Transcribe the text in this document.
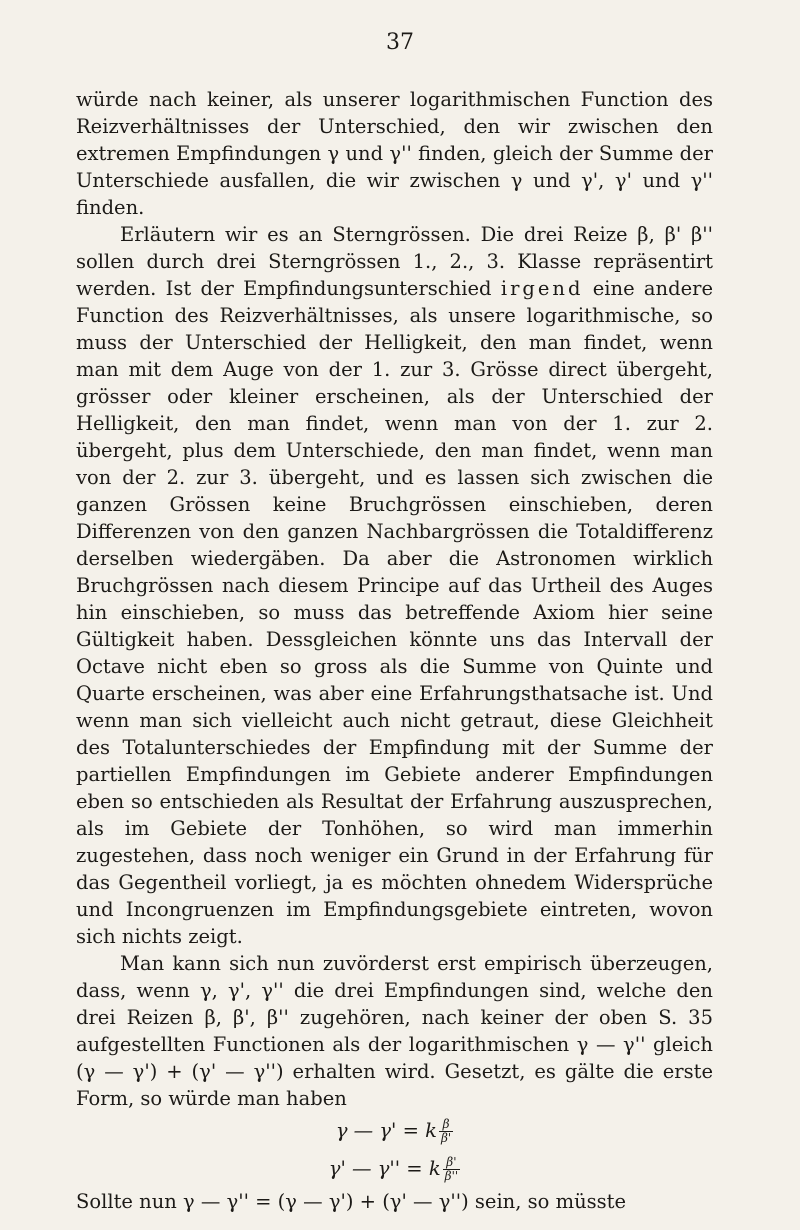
37

würde nach keiner, als unserer logarithmischen Function des Reizverhältnisses der Unterschied, den wir zwischen den extremen Empfindungen γ und γ'' finden, gleich der Summe der Unterschiede ausfallen, die wir zwischen γ und γ', γ' und γ'' finden.

Erläutern wir es an Sterngrössen. Die drei Reize β, β' β'' sollen durch drei Sterngrössen 1., 2., 3. Klasse repräsentirt werden. Ist der Empfindungsunterschied irgend eine andere Function des Reizverhältnisses, als unsere logarithmische, so muss der Unterschied der Helligkeit, den man findet, wenn man mit dem Auge von der 1. zur 3. Grösse direct übergeht, grösser oder kleiner erscheinen, als der Unterschied der Helligkeit, den man findet, wenn man von der 1. zur 2. übergeht, plus dem Unterschiede, den man findet, wenn man von der 2. zur 3. übergeht, und es lassen sich zwischen die ganzen Grössen keine Bruchgrössen einschieben, deren Differenzen von den ganzen Nachbargrössen die Totaldifferenz derselben wiedergäben. Da aber die Astronomen wirklich Bruchgrössen nach diesem Principe auf das Urtheil des Auges hin einschieben, so muss das betreffende Axiom hier seine Gültigkeit haben. Dessgleichen könnte uns das Intervall der Octave nicht eben so gross als die Summe von Quinte und Quarte erscheinen, was aber eine Erfahrungsthatsache ist. Und wenn man sich vielleicht auch nicht getraut, diese Gleichheit des Totalunterschiedes der Empfindung mit der Summe der partiellen Empfindungen im Gebiete anderer Empfindungen eben so entschieden als Resultat der Erfahrung auszusprechen, als im Gebiete der Tonhöhen, so wird man immerhin zugestehen, dass noch weniger ein Grund in der Erfahrung für das Gegentheil vorliegt, ja es möchten ohnedem Widersprüche und Incongruenzen im Empfindungsgebiete eintreten, wovon sich nichts zeigt.

Man kann sich nun zuvörderst erst empirisch überzeugen, dass, wenn γ, γ', γ'' die drei Empfindungen sind, welche den drei Reizen β, β', β'' zugehören, nach keiner der oben S. 35 aufgestellten Functionen als der logarithmischen γ — γ'' gleich (γ — γ') + (γ' — γ'') erhalten wird. Gesetzt, es gälte die erste Form, so würde man haben

γ — γ' = k $\frac{\beta}{\beta'}$

γ' — γ'' = k $\frac{\beta'}{\beta''}$

Sollte nun γ — γ'' = (γ — γ') + (γ' — γ'') sein, so müsste
